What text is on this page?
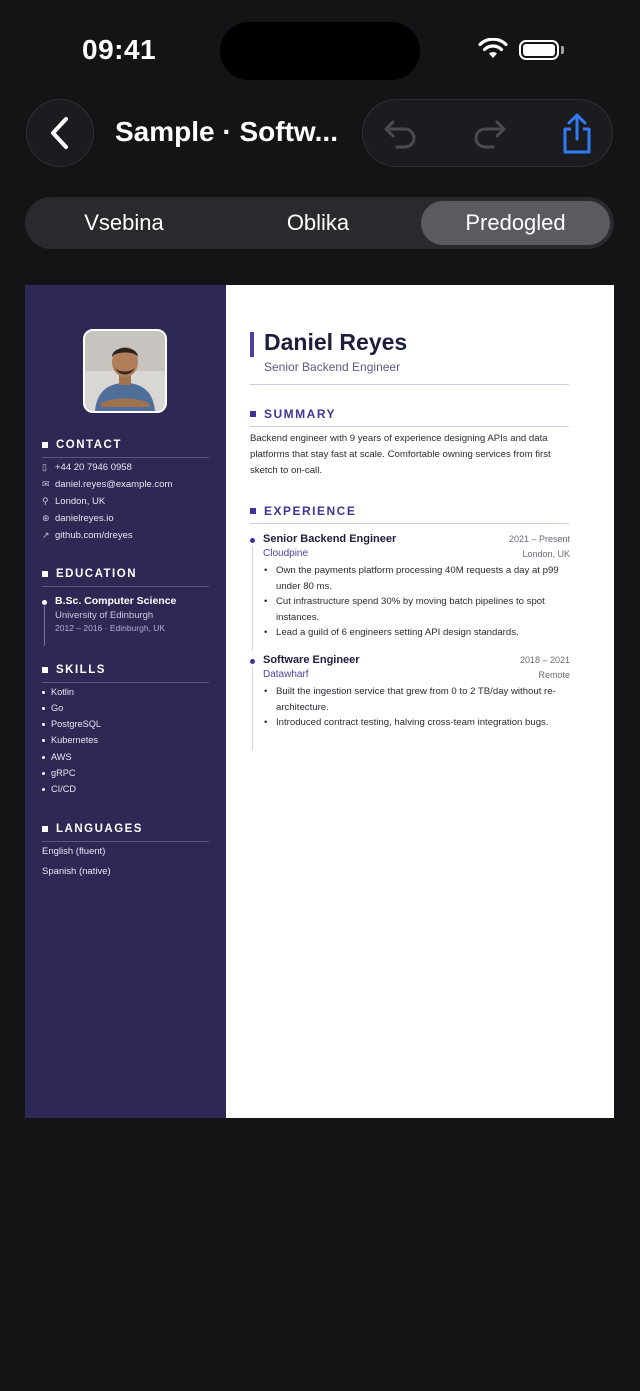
09:41
Sample · Softw...
Vsebina	Oblika	Predogled
CONTACT
▯ +44 20 7946 0958
✉ daniel.reyes@example.com
⚲ London, UK
⊕ danielreyes.io
↗ github.com/dreyes
EDUCATION
B.Sc. Computer Science
University of Edinburgh
2012 – 2016 · Edinburgh, UK
SKILLS
Kotlin
Go
PostgreSQL
Kubernetes
AWS
gRPC
CI/CD
LANGUAGES
English (fluent)
Spanish (native)
Daniel Reyes
Senior Backend Engineer
SUMMARY
Backend engineer with 9 years of experience designing APIs and data platforms that stay fast at scale. Comfortable owning services from first sketch to on-call.
EXPERIENCE
Senior Backend Engineer	2021 – Present
Cloudpine	London, UK
• Own the payments platform processing 40M requests a day at p99 under 80 ms.
• Cut infrastructure spend 30% by moving batch pipelines to spot instances.
• Lead a guild of 6 engineers setting API design standards.
Software Engineer	2018 – 2021
Datawharf	Remote
• Built the ingestion service that grew from 0 to 2 TB/day without re-architecture.
• Introduced contract testing, halving cross-team integration bugs.
